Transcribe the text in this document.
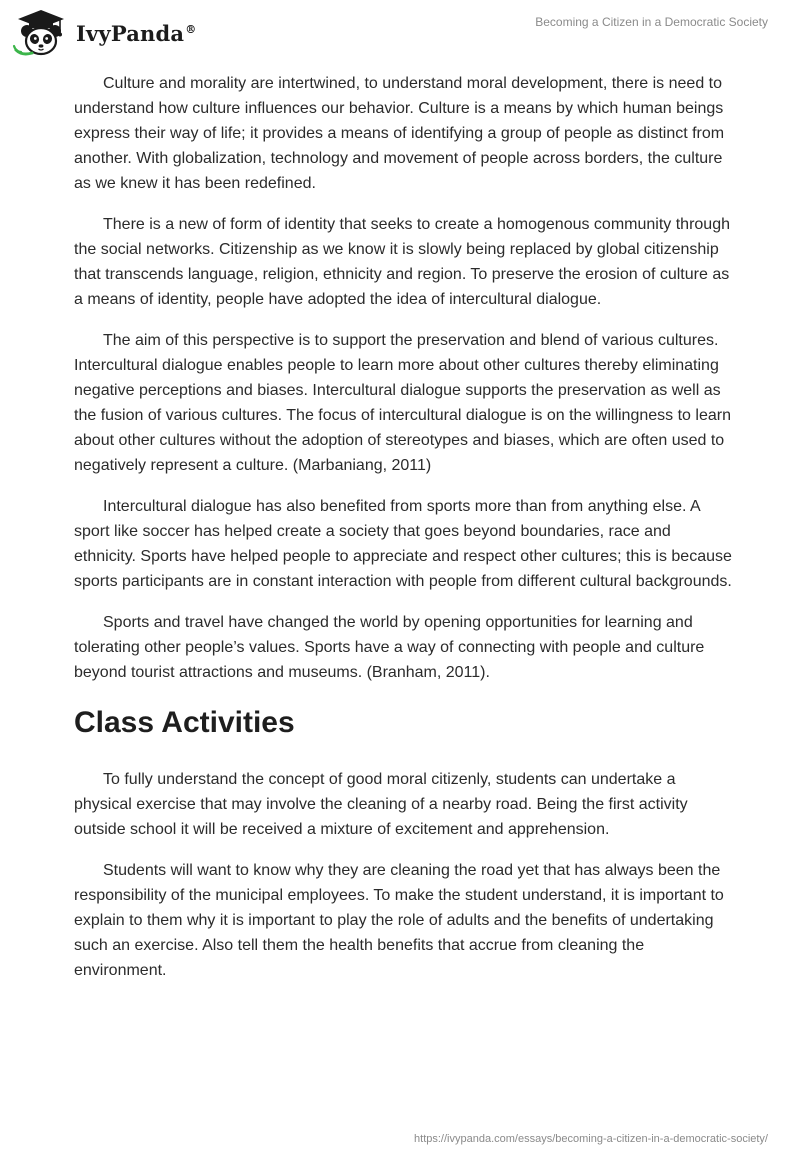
IvyPanda®
Becoming a Citizen in a Democratic Society

Culture and morality are intertwined, to understand moral development, there is need to understand how culture influences our behavior. Culture is a means by which human beings express their way of life; it provides a means of identifying a group of people as distinct from another. With globalization, technology and movement of people across borders, the culture as we knew it has been redefined.

There is a new of form of identity that seeks to create a homogenous community through the social networks. Citizenship as we know it is slowly being replaced by global citizenship that transcends language, religion, ethnicity and region. To preserve the erosion of culture as a means of identity, people have adopted the idea of intercultural dialogue.

The aim of this perspective is to support the preservation and blend of various cultures. Intercultural dialogue enables people to learn more about other cultures thereby eliminating negative perceptions and biases. Intercultural dialogue supports the preservation as well as the fusion of various cultures. The focus of intercultural dialogue is on the willingness to learn about other cultures without the adoption of stereotypes and biases, which are often used to negatively represent a culture. (Marbaniang, 2011)

Intercultural dialogue has also benefited from sports more than from anything else. A sport like soccer has helped create a society that goes beyond boundaries, race and ethnicity. Sports have helped people to appreciate and respect other cultures; this is because sports participants are in constant interaction with people from different cultural backgrounds.

Sports and travel have changed the world by opening opportunities for learning and tolerating other people’s values. Sports have a way of connecting with people and culture beyond tourist attractions and museums. (Branham, 2011).

Class Activities

To fully understand the concept of good moral citizenly, students can undertake a physical exercise that may involve the cleaning of a nearby road. Being the first activity outside school it will be received a mixture of excitement and apprehension.

Students will want to know why they are cleaning the road yet that has always been the responsibility of the municipal employees. To make the student understand, it is important to explain to them why it is important to play the role of adults and the benefits of undertaking such an exercise. Also tell them the health benefits that accrue from cleaning the environment.

https://ivypanda.com/essays/becoming-a-citizen-in-a-democratic-society/
